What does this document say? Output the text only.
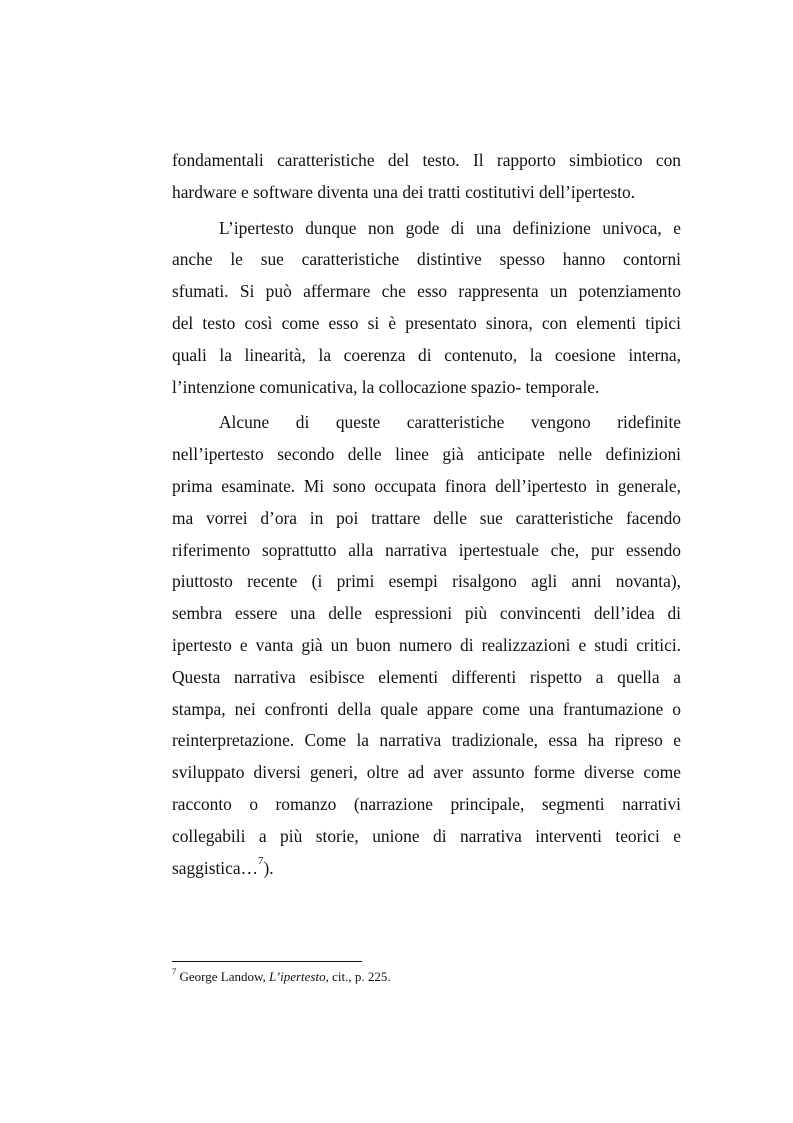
fondamentali caratteristiche del testo. Il rapporto simbiotico con
hardware e software diventa una dei tratti costitutivi dell’ipertesto.
L’ipertesto dunque non gode di una definizione univoca, e
anche le sue caratteristiche distintive spesso hanno contorni
sfumati. Si può affermare che esso rappresenta un potenziamento
del testo così come esso si è presentato sinora, con elementi tipici
quali la linearità, la coerenza di contenuto, la coesione interna,
l’intenzione comunicativa, la collocazione spazio- temporale.
Alcune di queste caratteristiche vengono ridefinite
nell’ipertesto secondo delle linee già anticipate nelle definizioni
prima esaminate. Mi sono occupata finora dell’ipertesto in generale,
ma vorrei d’ora in poi trattare delle sue caratteristiche facendo
riferimento soprattutto alla narrativa ipertestuale che, pur essendo
piuttosto recente (i primi esempi risalgono agli anni novanta),
sembra essere una delle espressioni più convincenti dell’idea di
ipertesto e vanta già un buon numero di realizzazioni e studi critici.
Questa narrativa esibisce elementi differenti rispetto a quella a
stampa, nei confronti della quale appare come una frantumazione o
reinterpretazione. Come la narrativa tradizionale, essa ha ripreso e
sviluppato diversi generi, oltre ad aver assunto forme diverse come
racconto o romanzo (narrazione principale, segmenti narrativi
collegabili a più storie, unione di narrativa interventi teorici e
saggistica…$^7$).
$^7$ George Landow, L’ipertesto, cit., p. 225.
